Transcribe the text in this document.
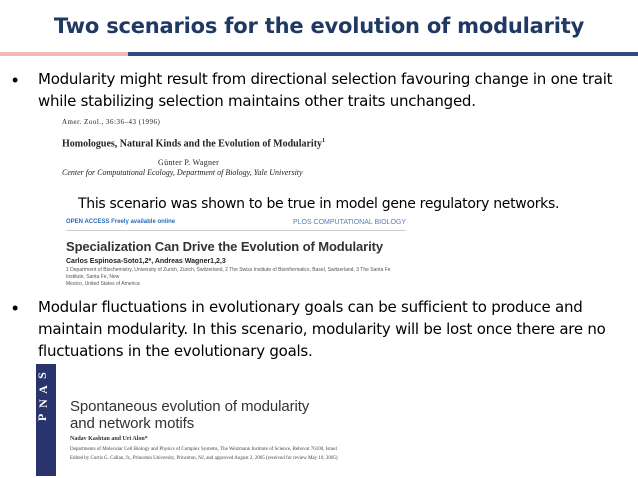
Two scenarios for the evolution of modularity
• Modularity might result from directional selection favouring change in one trait
while stabilizing selection maintains other traits unchanged.
Amer. Zool., 36:36–43 (1996)
Homologues, Natural Kinds and the Evolution of Modularity$^1$
Günter P. Wagner
Center for Computational Ecology, Department of Biology, Yale University
This scenario was shown to be true in model gene regulatory networks.
OPEN ACCESS Freely available online	PLOS COMPUTATIONAL BIOLOGY
Specialization Can Drive the Evolution of Modularity
Carlos Espinosa-Soto1,2*, Andreas Wagner1,2,3
1 Department of Biochemistry, University of Zurich, Zurich, Switzerland, 2 The Swiss Institute of Bioinformatics, Basel, Switzerland, 3 The Santa Fe Institute, Santa Fe, New
Mexico, United States of America
• Modular fluctuations in evolutionary goals can be sufficient to produce and
maintain modularity. In this scenario, modularity will be lost once there are no
fluctuations in the evolutionary goals.
S
A
N
P
Spontaneous evolution of modularity
and network motifs
Nadav Kashtan and Uri Alon*
Departments of Molecular Cell Biology and Physics of Complex Systems, The Weizmann Institute of Science, Rehovot 76100, Israel
Edited by Curtis G. Callan, Jr., Princeton University, Princeton, NJ, and approved August 2, 2005 (received for review May 10, 2005)
